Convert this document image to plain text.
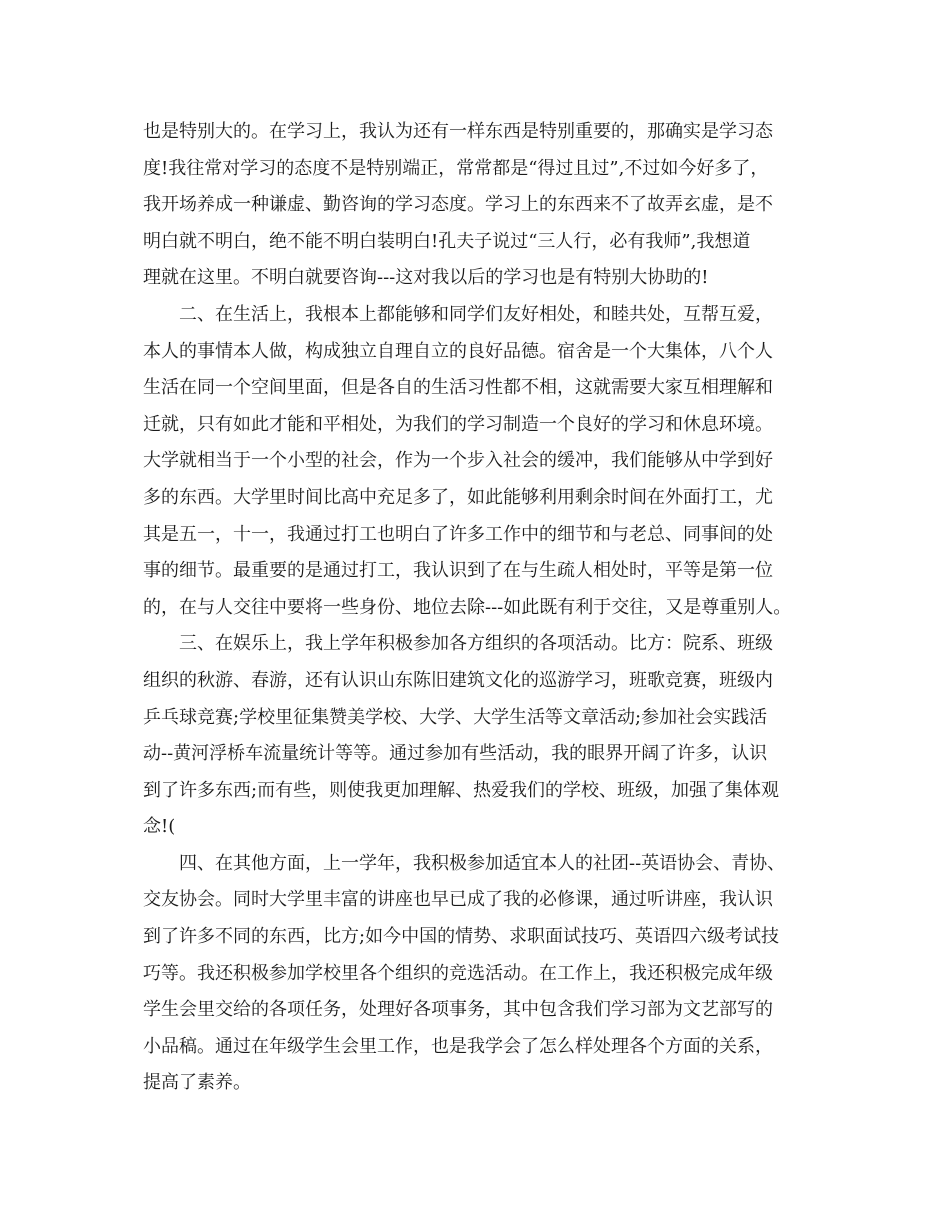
也是特别大的。在学习上，我认为还有一样东西是特别重要的，那确实是学习态
度!我往常对学习的态度不是特别端正，常常都是“得过且过”,不过如今好多了，
我开场养成一种谦虚、勤咨询的学习态度。学习上的东西来不了故弄玄虚，是不
明白就不明白，绝不能不明白装明白!孔夫子说过“三人行，必有我师”,我想道
理就在这里。不明白就要咨询---这对我以后的学习也是有特别大协助的!
二、在生活上，我根本上都能够和同学们友好相处，和睦共处，互帮互爱，
本人的事情本人做，构成独立自理自立的良好品德。宿舍是一个大集体，八个人
生活在同一个空间里面，但是各自的生活习性都不相，这就需要大家互相理解和
迁就，只有如此才能和平相处，为我们的学习制造一个良好的学习和休息环境。
大学就相当于一个小型的社会，作为一个步入社会的缓冲，我们能够从中学到好
多的东西。大学里时间比高中充足多了，如此能够利用剩余时间在外面打工，尤
其是五一，十一，我通过打工也明白了许多工作中的细节和与老总、同事间的处
事的细节。最重要的是通过打工，我认识到了在与生疏人相处时，平等是第一位
的，在与人交往中要将一些身份、地位去除---如此既有利于交往，又是尊重别人。
三、在娱乐上，我上学年积极参加各方组织的各项活动。比方：院系、班级
组织的秋游、春游，还有认识山东陈旧建筑文化的巡游学习，班歌竞赛，班级内
乒乓球竞赛;学校里征集赞美学校、大学、大学生活等文章活动;参加社会实践活
动--黄河浮桥车流量统计等等。通过参加有些活动，我的眼界开阔了许多，认识
到了许多东西;而有些，则使我更加理解、热爱我们的学校、班级，加强了集体观
念!(
四、在其他方面，上一学年，我积极参加适宜本人的社团--英语协会、青协、
交友协会。同时大学里丰富的讲座也早已成了我的必修课，通过听讲座，我认识
到了许多不同的东西，比方;如今中国的情势、求职面试技巧、英语四六级考试技
巧等。我还积极参加学校里各个组织的竞选活动。在工作上，我还积极完成年级
学生会里交给的各项任务，处理好各项事务，其中包含我们学习部为文艺部写的
小品稿。通过在年级学生会里工作，也是我学会了怎么样处理各个方面的关系，
提高了素养。
